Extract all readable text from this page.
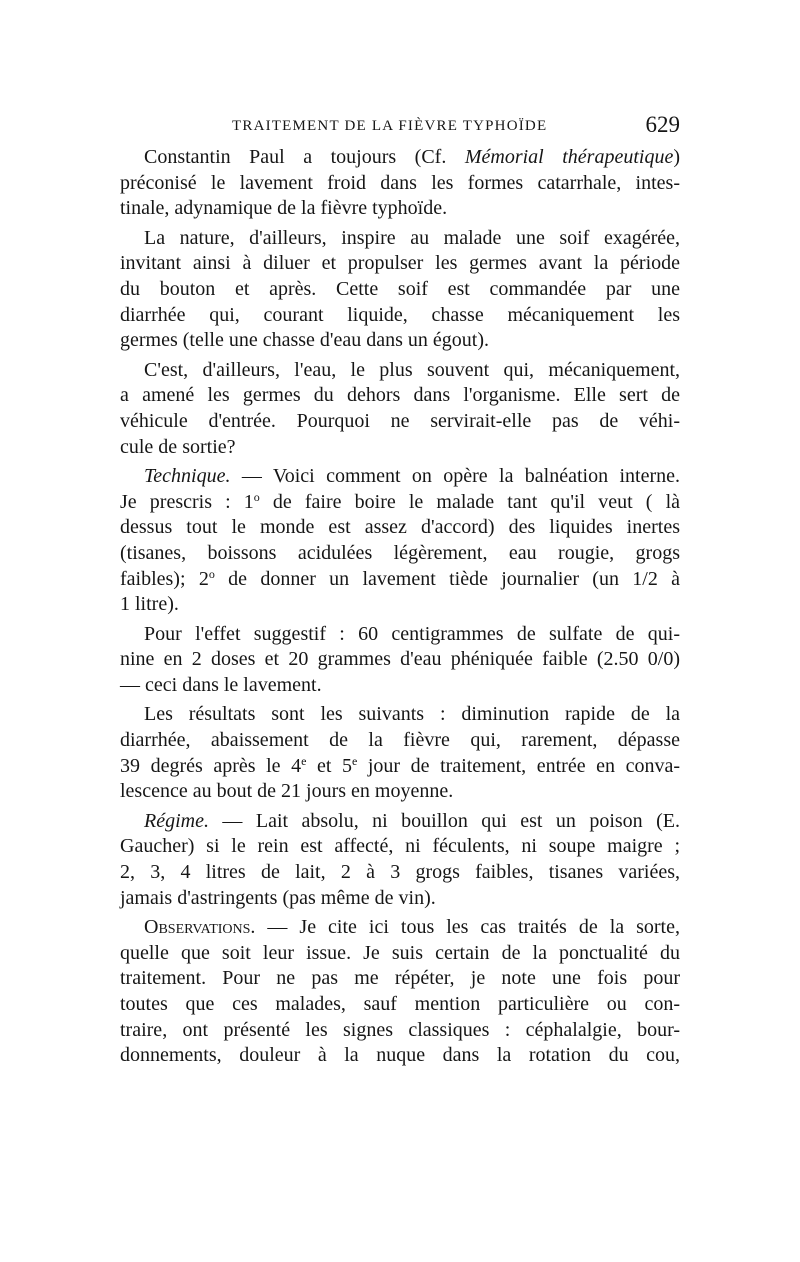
TRAITEMENT DE LA FIÈVRE TYPHOÏDE	629
Constantin Paul a toujours (Cf. Mémorial thérapeutique)
préconisé le lavement froid dans les formes catarrhale, intes-
tinale, adynamique de la fièvre typhoïde.
La nature, d'ailleurs, inspire au malade une soif exagérée,
invitant ainsi à diluer et propulser les germes avant la période
du bouton et après. Cette soif est commandée par une
diarrhée qui, courant liquide, chasse mécaniquement les
germes (telle une chasse d'eau dans un égout).
C'est, d'ailleurs, l'eau, le plus souvent qui, mécaniquement,
a amené les germes du dehors dans l'organisme. Elle sert de
véhicule d'entrée. Pourquoi ne servirait-elle pas de véhi-
cule de sortie?
Technique. — Voici comment on opère la balnéation interne.
Je prescris : 1$^o$ de faire boire le malade tant qu'il veut ( là
dessus tout le monde est assez d'accord) des liquides inertes
(tisanes, boissons acidulées légèrement, eau rougie, grogs
faibles); 2$^o$ de donner un lavement tiède journalier (un 1/2 à
1 litre).
Pour l'effet suggestif : 60 centigrammes de sulfate de qui-
nine en 2 doses et 20 grammes d'eau phéniquée faible (2.50 0/0)
— ceci dans le lavement.
Les résultats sont les suivants : diminution rapide de la
diarrhée, abaissement de la fièvre qui, rarement, dépasse
39 degrés après le 4e et 5e jour de traitement, entrée en conva-
lescence au bout de 21 jours en moyenne.
Régime. — Lait absolu, ni bouillon qui est un poison (E.
Gaucher) si le rein est affecté, ni féculents, ni soupe maigre ;
2, 3, 4 litres de lait, 2 à 3 grogs faibles, tisanes variées,
jamais d'astringents (pas même de vin).
Observations. — Je cite ici tous les cas traités de la sorte,
quelle que soit leur issue. Je suis certain de la ponctualité du
traitement. Pour ne pas me répéter, je note une fois pour
toutes que ces malades, sauf mention particulière ou con-
traire, ont présenté les signes classiques : céphalalgie, bour-
donnements, douleur à la nuque dans la rotation du cou,
